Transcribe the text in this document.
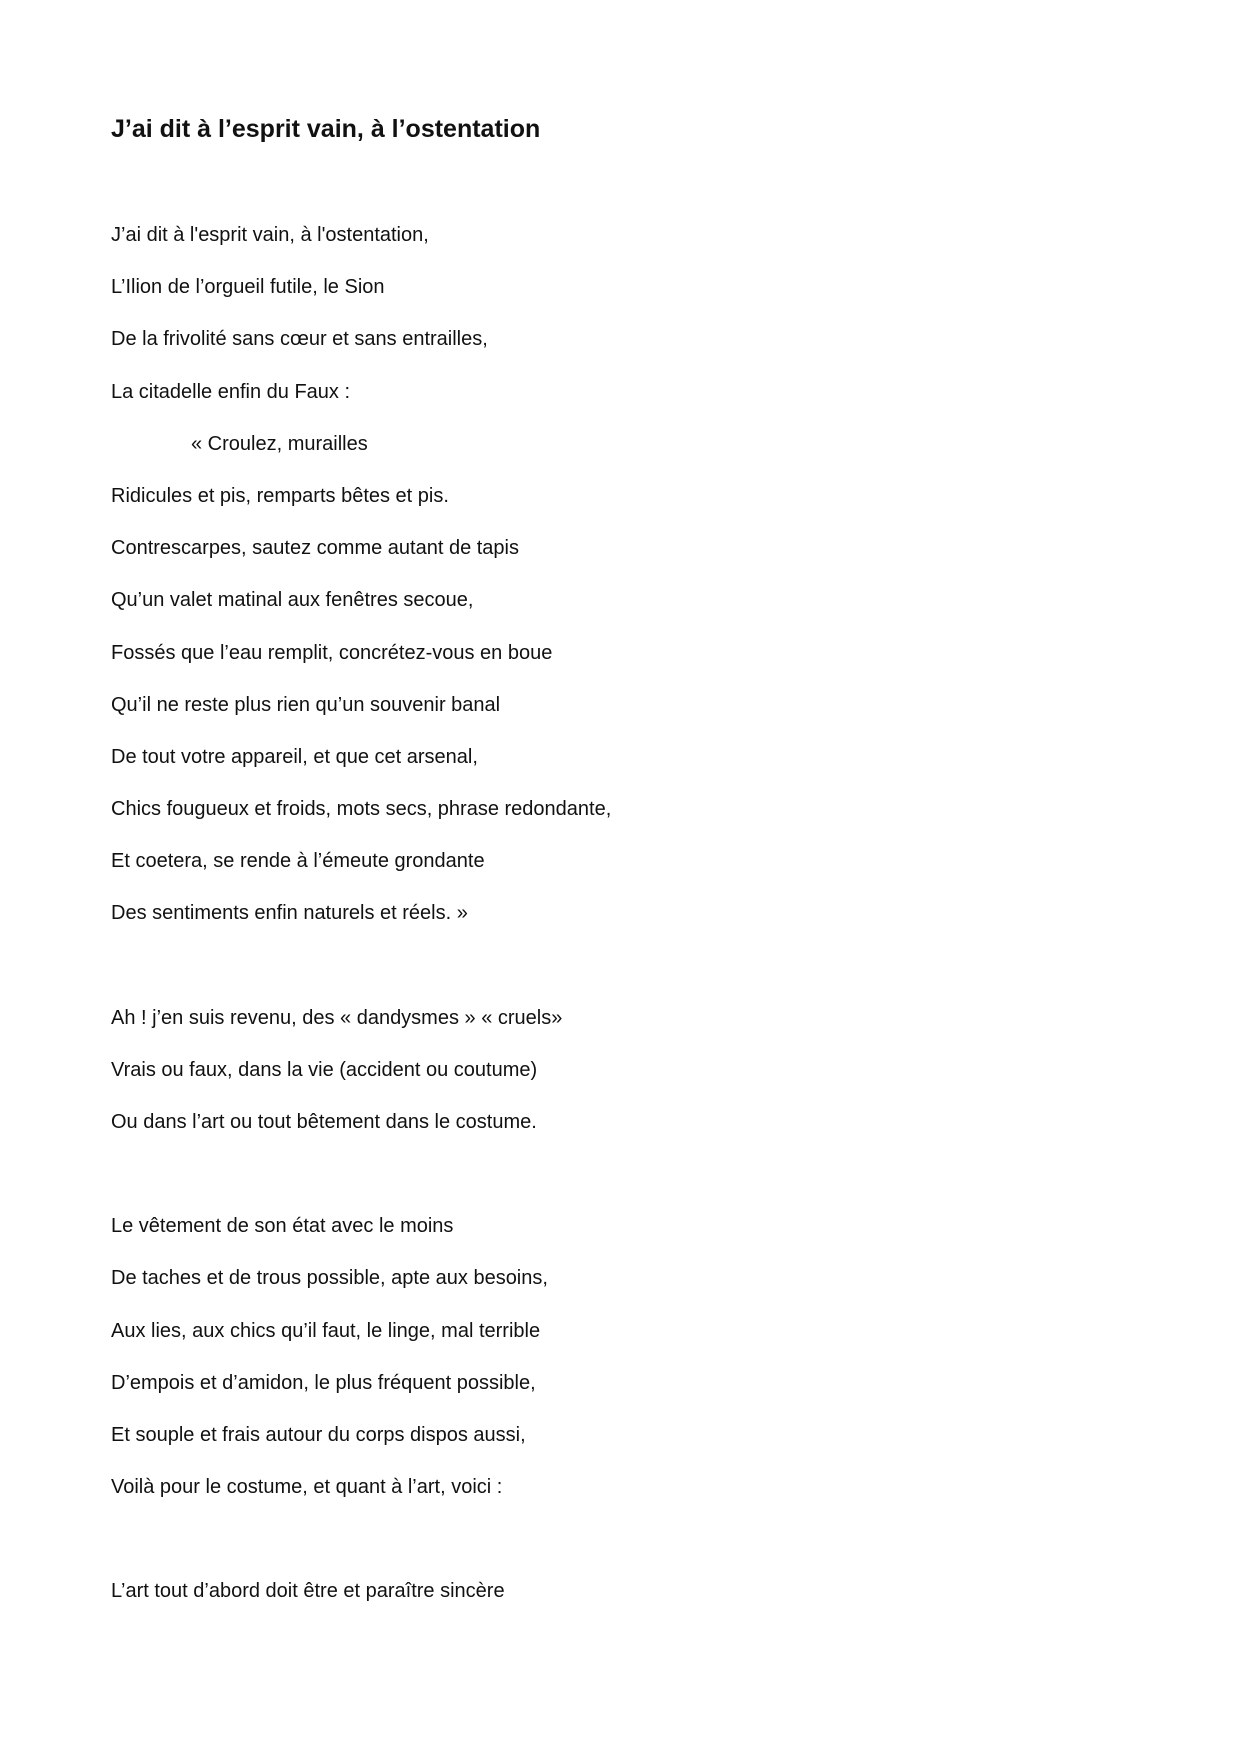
J’ai dit à l’esprit vain, à l’ostentation
J’ai dit à l'esprit vain, à l'ostentation,
L’Ilion de l’orgueil futile, le Sion
De la frivolité sans cœur et sans entrailles,
La citadelle enfin du Faux :
« Croulez, murailles
Ridicules et pis, remparts bêtes et pis.
Contrescarpes, sautez comme autant de tapis
Qu’un valet matinal aux fenêtres secoue,
Fossés que l’eau remplit, concrétez-vous en boue
Qu’il ne reste plus rien qu’un souvenir banal
De tout votre appareil, et que cet arsenal,
Chics fougueux et froids, mots secs, phrase redondante,
Et coetera, se rende à l’émeute grondante
Des sentiments enfin naturels et réels. »
Ah ! j’en suis revenu, des « dandysmes » « cruels»
Vrais ou faux, dans la vie (accident ou coutume)
Ou dans l’art ou tout bêtement dans le costume.
Le vêtement de son état avec le moins
De taches et de trous possible, apte aux besoins,
Aux lies, aux chics qu’il faut, le linge, mal terrible
D’empois et d’amidon, le plus fréquent possible,
Et souple et frais autour du corps dispos aussi,
Voilà pour le costume, et quant à l’art, voici :
L’art tout d’abord doit être et paraître sincère
